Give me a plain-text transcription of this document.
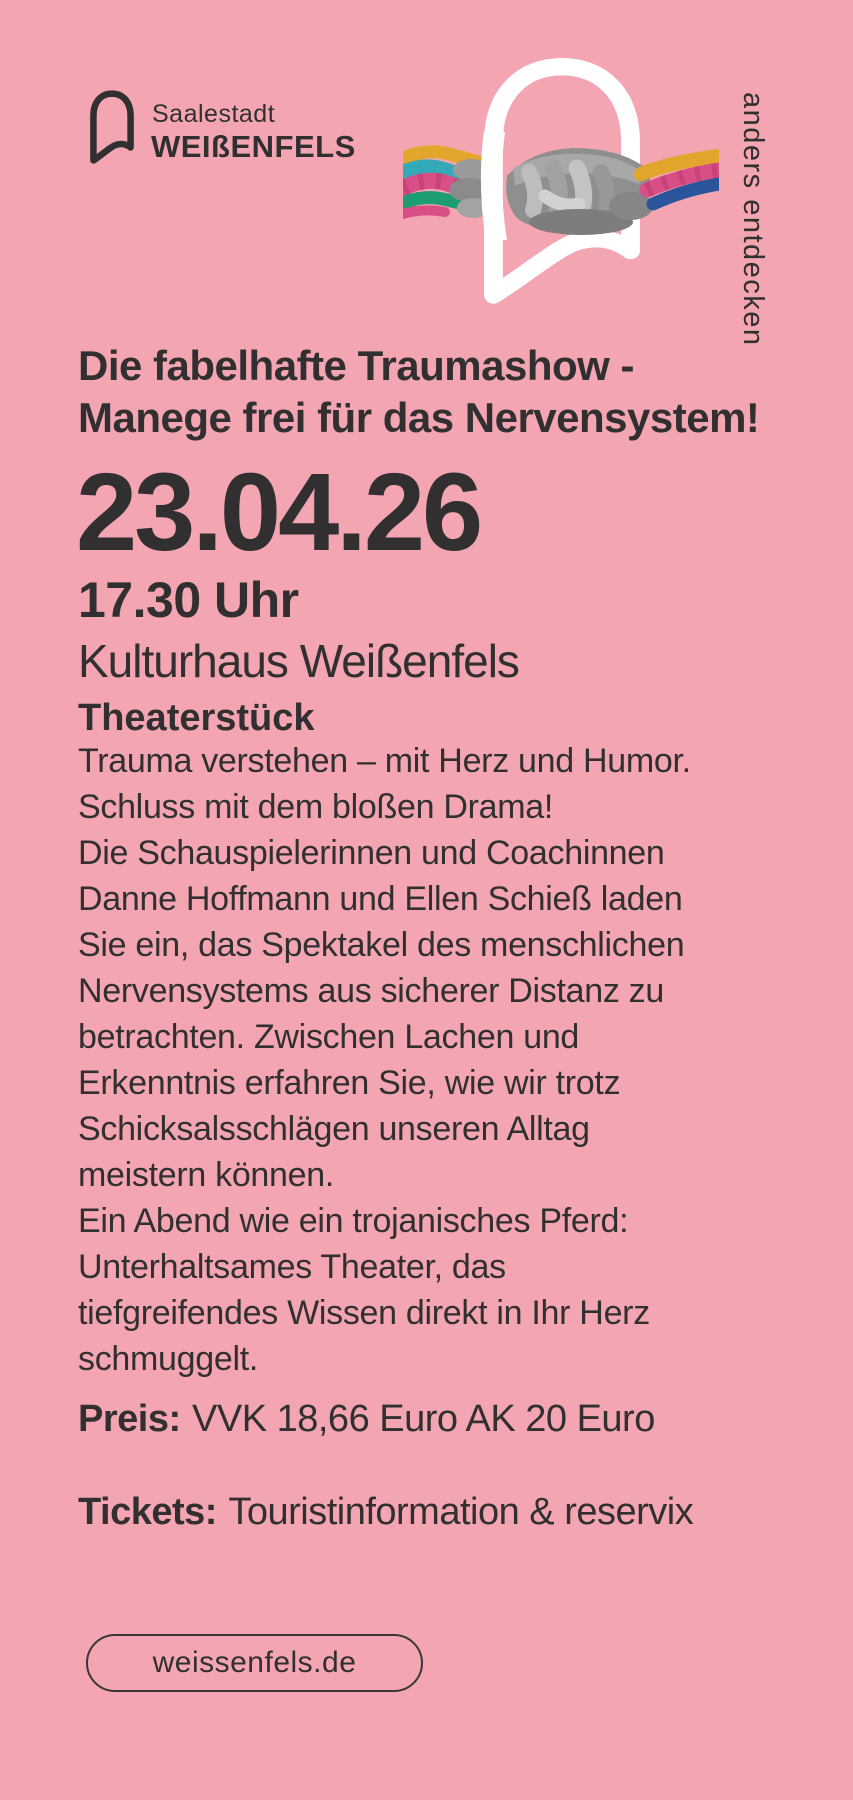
Saalestadt
WEIßENFELS	anders entdecken
Die fabelhafte Traumashow -
Manege frei für das Nervensystem!
23.04.26
17.30 Uhr
Kulturhaus Weißenfels
Theaterstück
Trauma verstehen – mit Herz und Humor.
Schluss mit dem bloßen Drama!
Die Schauspielerinnen und Coachinnen
Danne Hoffmann und Ellen Schieß laden
Sie ein, das Spektakel des menschlichen
Nervensystems aus sicherer Distanz zu
betrachten. Zwischen Lachen und
Erkenntnis erfahren Sie, wie wir trotz
Schicksalsschlägen unseren Alltag
meistern können.
Ein Abend wie ein trojanisches Pferd:
Unterhaltsames Theater, das
tiefgreifendes Wissen direkt in Ihr Herz
schmuggelt.
Preis: VVK 18,66 Euro AK 20 Euro
Tickets: Touristinformation & reservix
weissenfels.de
